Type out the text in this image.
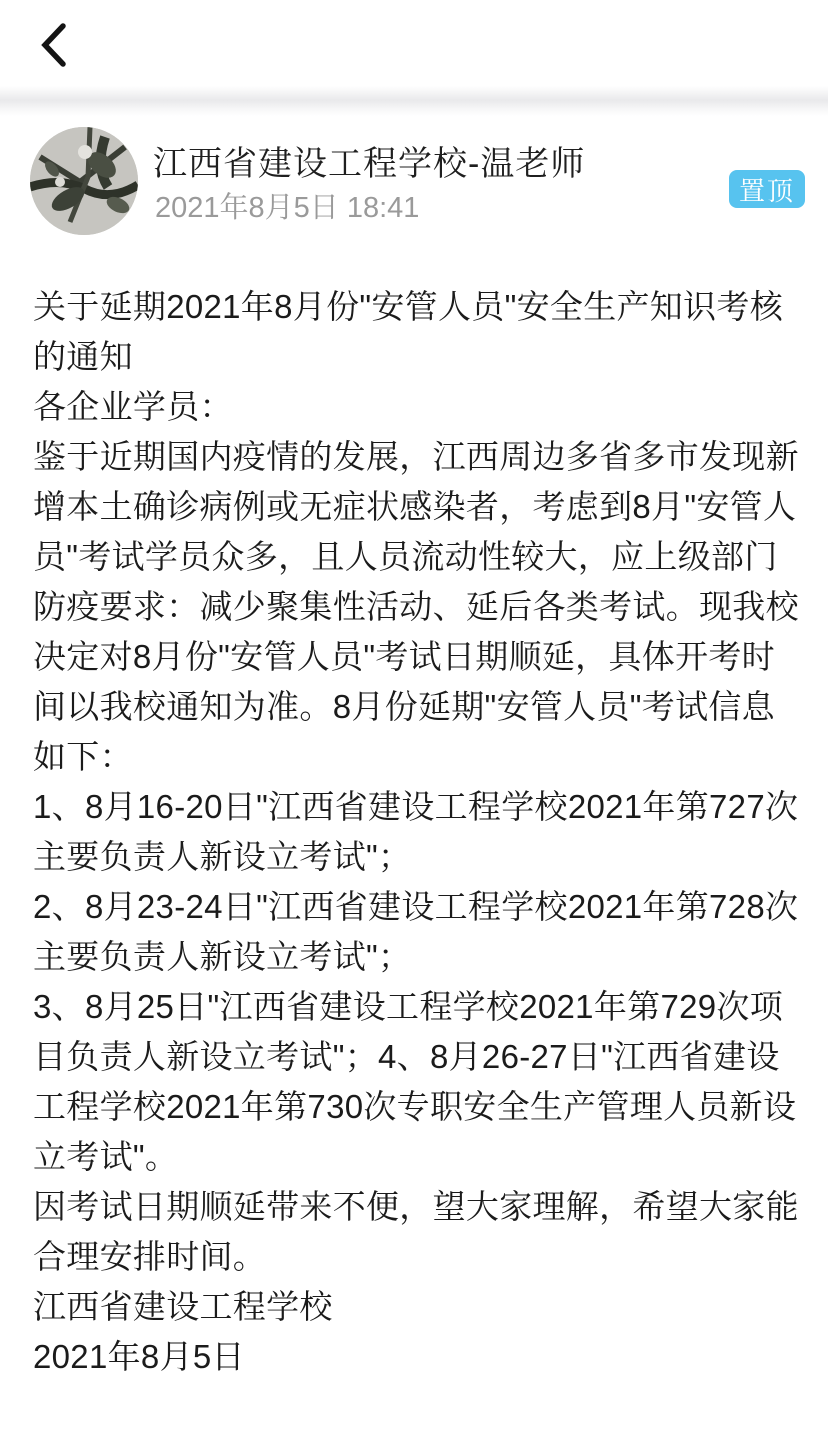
江西省建设工程学校-温老师
2021年8月5日 18:41
置顶
关于延期2021年8月份"安管人员"安全生产知识考核
的通知
各企业学员：
鉴于近期国内疫情的发展，江西周边多省多市发现新
增本土确诊病例或无症状感染者，考虑到8月"安管人
员"考试学员众多，且人员流动性较大，应上级部门
防疫要求：减少聚集性活动、延后各类考试。现我校
决定对8月份"安管人员"考试日期顺延，具体开考时
间以我校通知为准。8月份延期"安管人员"考试信息
如下：
1、8月16-20日"江西省建设工程学校2021年第727次
主要负责人新设立考试"；
2、8月23-24日"江西省建设工程学校2021年第728次
主要负责人新设立考试"；
3、8月25日"江西省建设工程学校2021年第729次项
目负责人新设立考试"；4、8月26-27日"江西省建设
工程学校2021年第730次专职安全生产管理人员新设
立考试"。
因考试日期顺延带来不便，望大家理解，希望大家能
合理安排时间。
江西省建设工程学校
2021年8月5日
